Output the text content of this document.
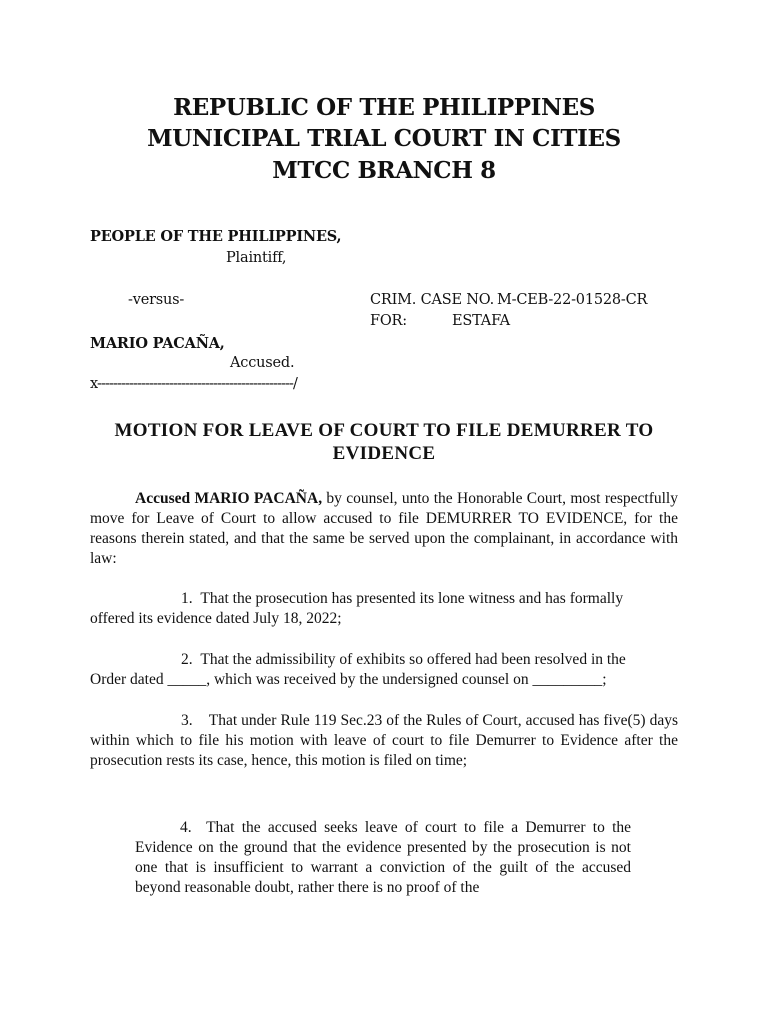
REPUBLIC OF THE PHILIPPINES
MUNICIPAL TRIAL COURT IN CITIES
MTCC BRANCH 8
PEOPLE OF THE PHILIPPINES,
Plaintiff,
-versus-	CRIM. CASE NO. M-CEB-22-01528-CR
FOR:	ESTAFA
MARIO PACAÑA,
Accused.
x-------------------------------------------------/
MOTION FOR LEAVE OF COURT TO FILE DEMURRER TO
EVIDENCE
Accused MARIO PACAÑA, by counsel, unto the Honorable Court, most respectfully move for Leave of Court to allow accused to file DEMURRER TO EVIDENCE, for the reasons therein stated, and that the same be served upon the complainant, in accordance with law:
1. That the prosecution has presented its lone witness and has formally
offered its evidence dated July 18, 2022;
2. That the admissibility of exhibits so offered had been resolved in the
Order dated _____, which was received by the undersigned counsel on _________;
3. That under Rule 119 Sec.23 of the Rules of Court, accused has five(5) days within which to file his motion with leave of court to file Demurrer to Evidence after the prosecution rests its case, hence, this motion is filed on time;
4. That the accused seeks leave of court to file a Demurrer to the Evidence on the ground that the evidence presented by the prosecution is not one that is insufficient to warrant a conviction of the guilt of the accused beyond reasonable doubt, rather there is no proof of the
